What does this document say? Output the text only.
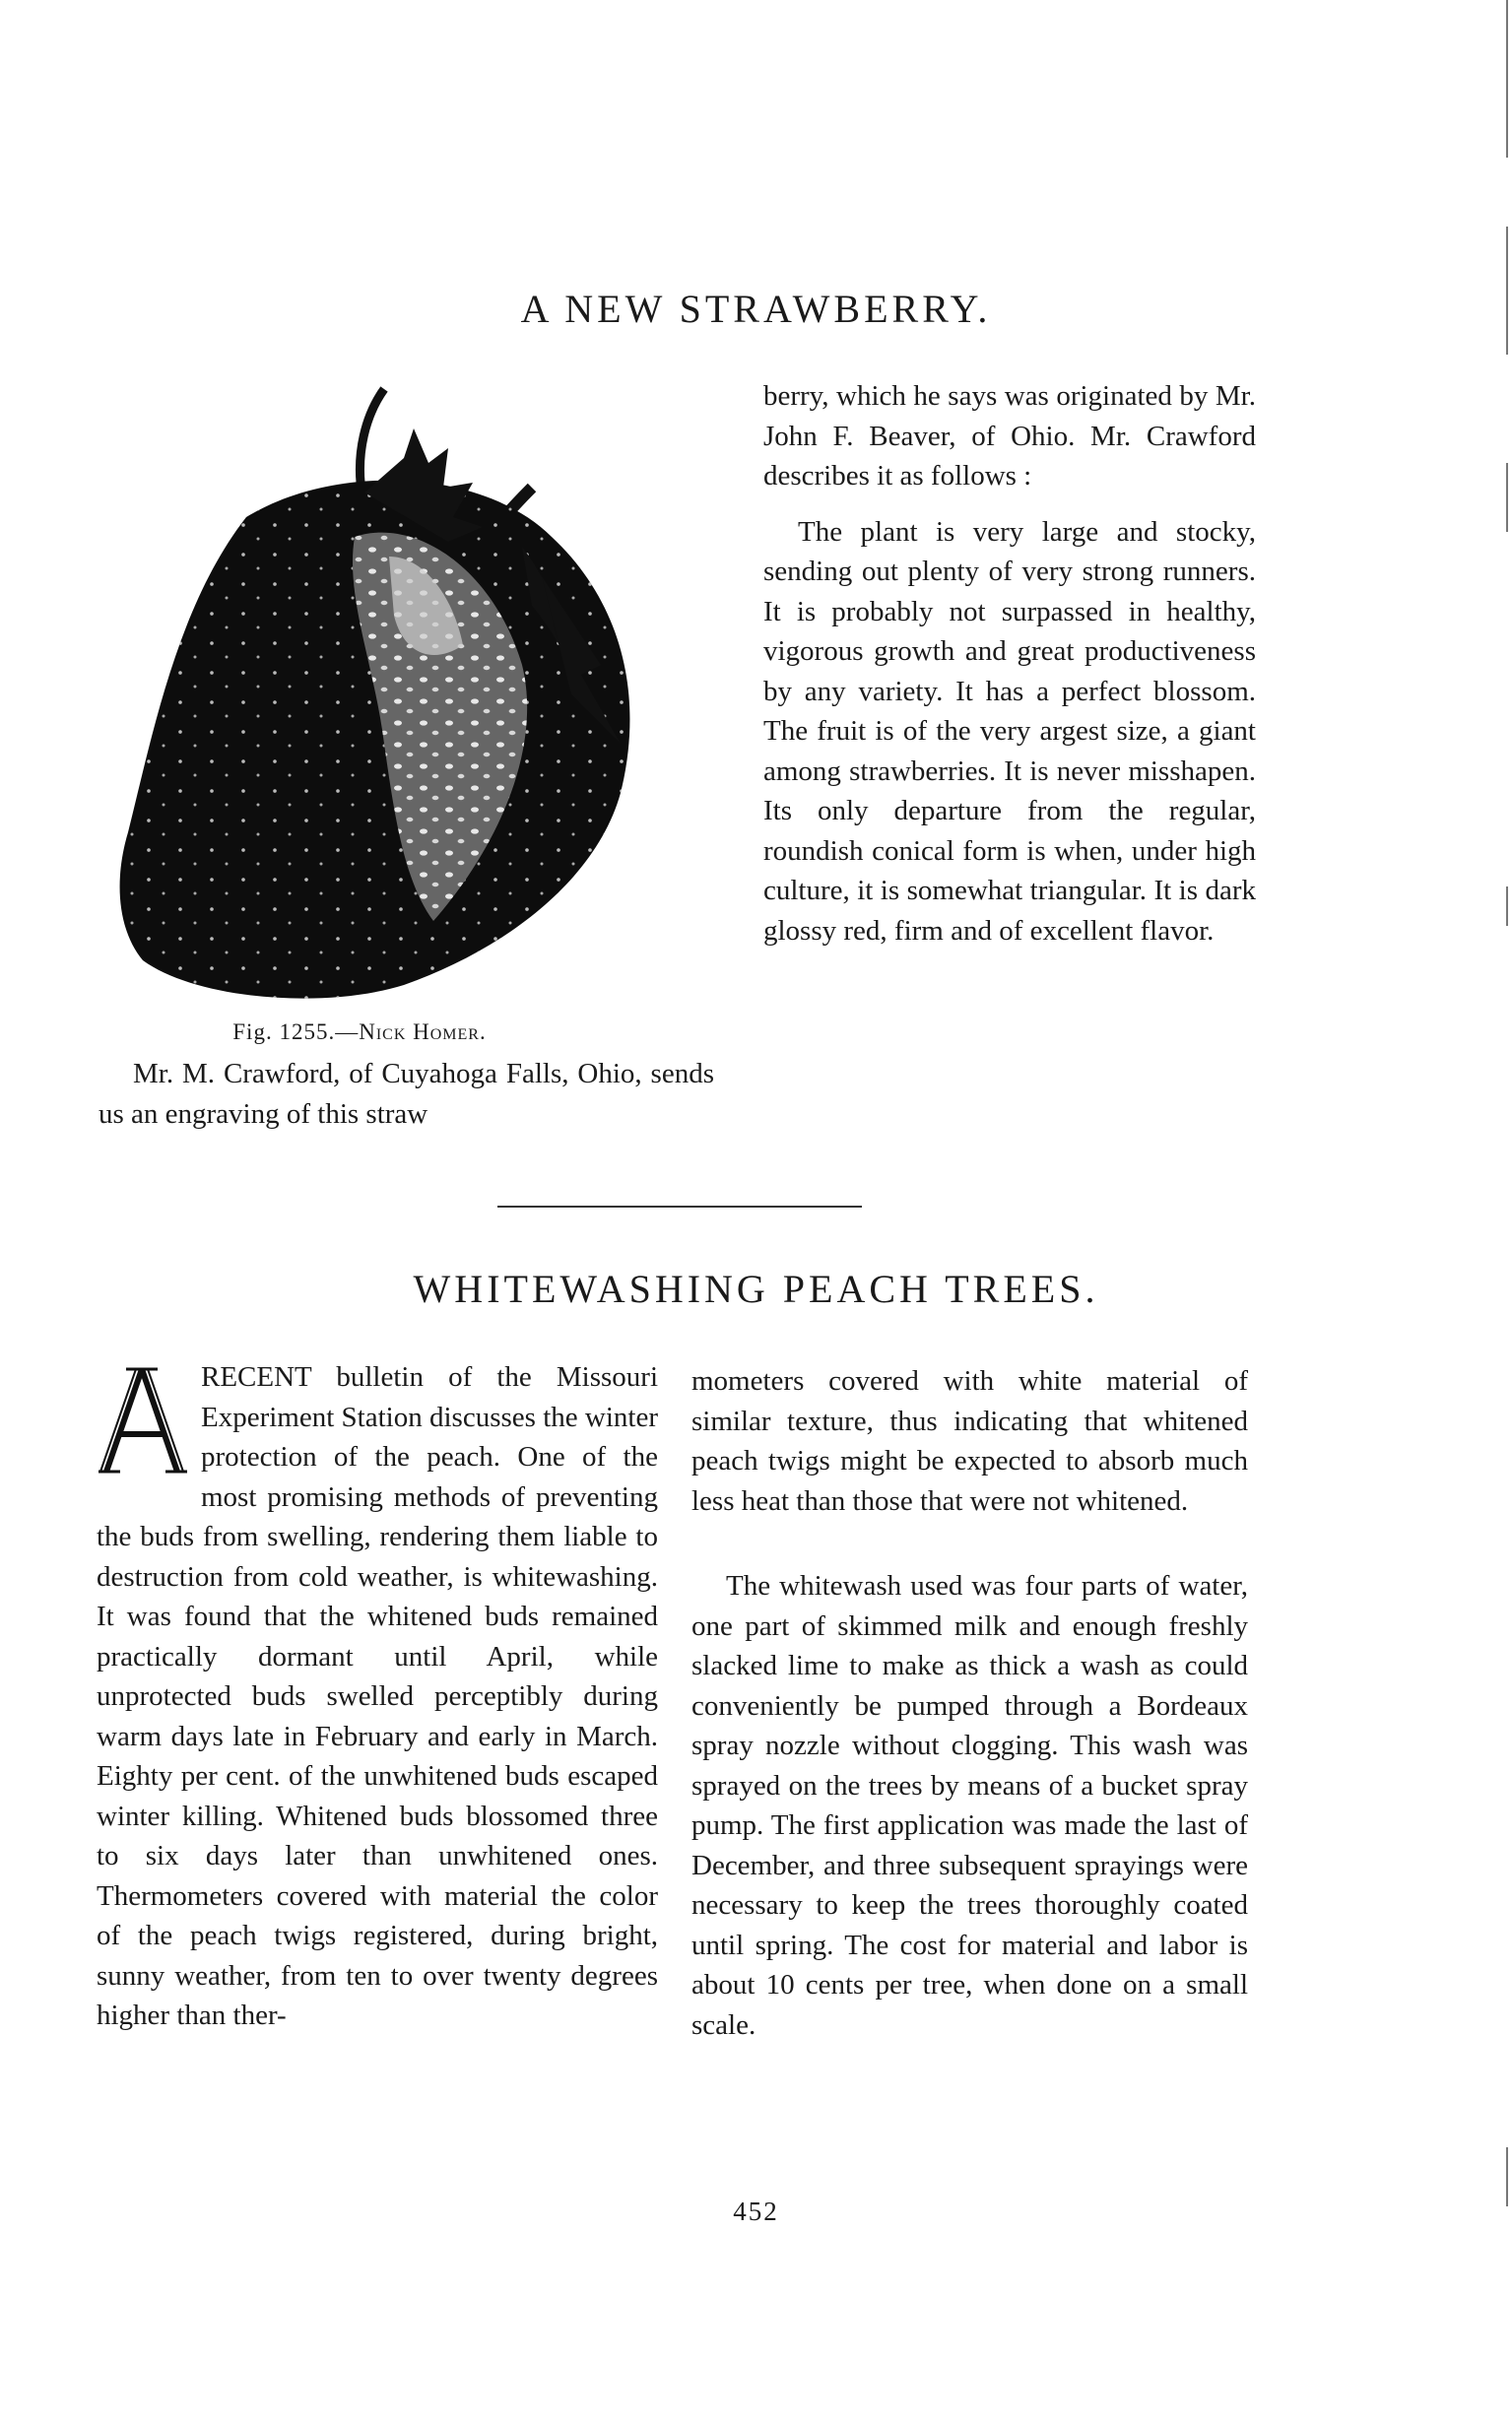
A NEW STRAWBERRY.
Fig. 1255.—Nick Homer.
Mr. M. Crawford, of Cuyahoga Falls, Ohio, sends us an engraving of this straw

berry, which he says was originated by Mr. John F. Beaver, of Ohio. Mr. Crawford describes it as follows :

The plant is very large and stocky, sending out plenty of very strong runners. It is probably not surpassed in healthy, vigorous growth and great productiveness by any variety. It has a perfect blossom. The fruit is of the very argest size, a giant among strawberries. It is never misshapen. Its only departure from the regular, roundish conical form is when, under high culture, it is somewhat triangular. It is dark glossy red, firm and of excellent flavor.

WHITEWASHING PEACH TREES.

RECENT bulletin of the Missouri Experiment Station discusses the winter protection of the peach. One of the most promising methods of preventing the buds from swelling, rendering them liable to destruction from cold weather, is whitewashing. It was found that the whitened buds remained practically dormant until April, while unprotected buds swelled perceptibly during warm days late in February and early in March. Eighty per cent. of the unwhitened buds escaped winter killing. Whitened buds blossomed three to six days later than unwhitened ones. Thermometers covered with material the color of the peach twigs registered, during bright, sunny weather, from ten to over twenty degrees higher than ther-

mometers covered with white material of similar texture, thus indicating that whitened peach twigs might be expected to absorb much less heat than those that were not whitened.

The whitewash used was four parts of water, one part of skimmed milk and enough freshly slacked lime to make as thick a wash as could conveniently be pumped through a Bordeaux spray nozzle without clogging. This wash was sprayed on the trees by means of a bucket spray pump. The first application was made the last of December, and three subsequent sprayings were necessary to keep the trees thoroughly coated until spring. The cost for material and labor is about 10 cents per tree, when done on a small scale.

452
